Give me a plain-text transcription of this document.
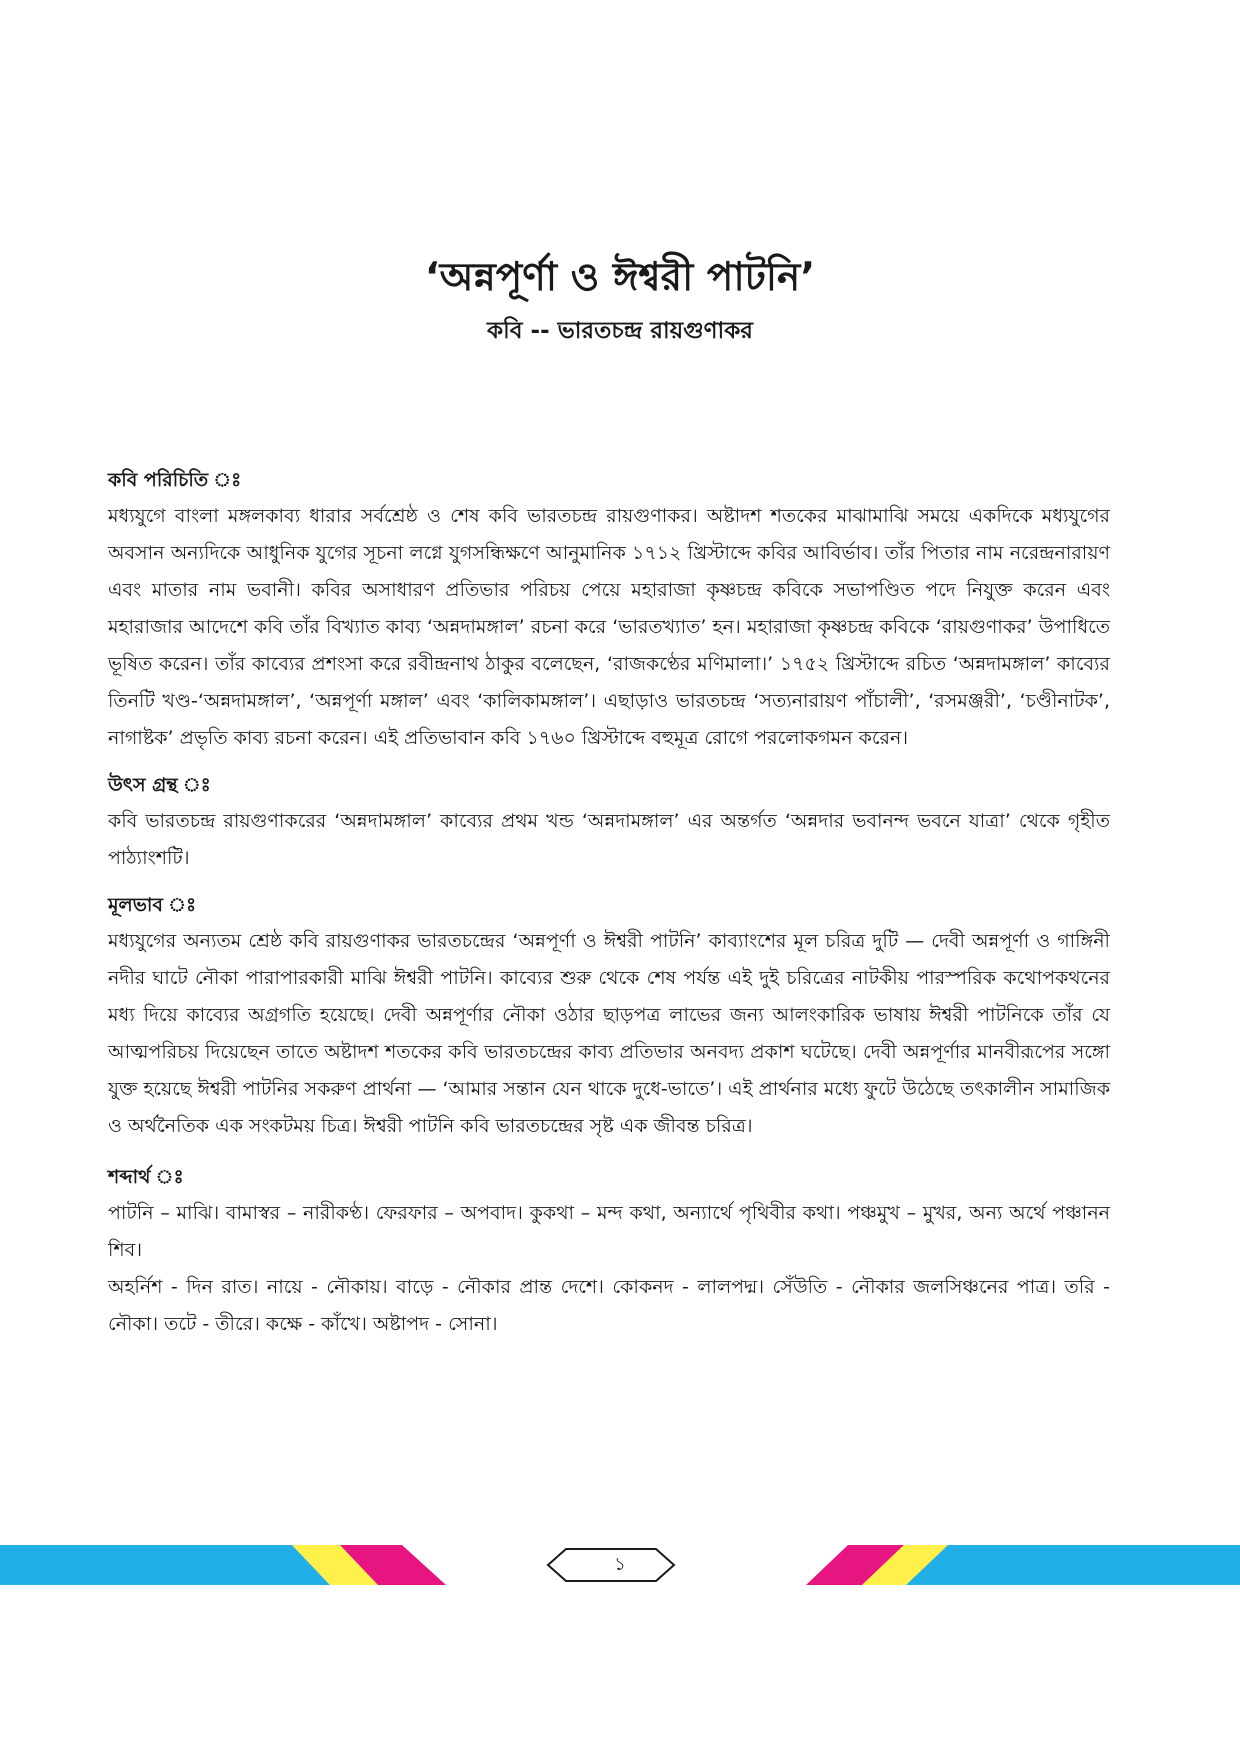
‘অন্নপূর্ণা ও ঈশ্বরী পাটনি’
কবি -- ভারতচন্দ্র রায়গুণাকর
কবি পরিচিতি ঃ

মধ্যযুগে বাংলা মঙ্গলকাব্য ধারার সর্বশ্রেষ্ঠ ও শেষ কবি ভারতচন্দ্র রায়গুণাকর। অষ্টাদশ শতকের মাঝামাঝি সময়ে একদিকে মধ্যযুগের অবসান অন্যদিকে আধুনিক যুগের সূচনা লগ্নে যুগসন্ধিক্ষণে আনুমানিক ১৭১২ খ্রিস্টাব্দে কবির আবির্ভাব। তাঁর পিতার নাম নরেন্দ্রনারায়ণ এবং মাতার নাম ভবানী। কবির অসাধারণ প্রতিভার পরিচয় পেয়ে মহারাজা কৃষ্ণচন্দ্র কবিকে সভাপণ্ডিত পদে নিযুক্ত করেন এবং মহারাজার আদেশে কবি তাঁর বিখ্যাত কাব্য ‘অন্নদামঙ্গাল’ রচনা করে ‘ভারতখ্যাত’ হন। মহারাজা কৃষ্ণচন্দ্র কবিকে ‘রায়গুণাকর’ উপাধিতে ভূষিত করেন। তাঁর কাব্যের প্রশংসা করে রবীন্দ্রনাথ ঠাকুর বলেছেন, ‘রাজকণ্ঠের মণিমালা।’ ১৭৫২ খ্রিস্টাব্দে রচিত ‘অন্নদামঙ্গাল’ কাব্যের তিনটি খণ্ড-‘অন্নদামঙ্গাল’, ‘অন্নপূর্ণা মঙ্গাল’ এবং ‘কালিকামঙ্গাল’। এছাড়াও ভারতচন্দ্র ‘সত্যনারায়ণ পাঁচালী’, ‘রসমঞ্জরী’, ‘চণ্ডীনাটক’, নাগাষ্টক’ প্রভৃতি কাব্য রচনা করেন। এই প্রতিভাবান কবি ১৭৬০ খ্রিস্টাব্দে বহুমূত্র রোগে পরলোকগমন করেন।

উৎস গ্রন্থ ঃ

কবি ভারতচন্দ্র রায়গুণাকরের ‘অন্নদামঙ্গাল’ কাব্যের প্রথম খন্ড ‘অন্নদামঙ্গাল’ এর অন্তর্গত ‘অন্নদার ভবানন্দ ভবনে যাত্রা’ থেকে গৃহীত পাঠ্যাংশটি।

মূলভাব ঃ

মধ্যযুগের অন্যতম শ্রেষ্ঠ কবি রায়গুণাকর ভারতচন্দ্রের ‘অন্নপূর্ণা ও ঈশ্বরী পাটনি’ কাব্যাংশের মূল চরিত্র দুটি — দেবী অন্নপূর্ণা ও গাঙ্গিনী নদীর ঘাটে নৌকা পারাপারকারী মাঝি ঈশ্বরী পাটনি। কাব্যের শুরু থেকে শেষ পর্যন্ত এই দুই চরিত্রের নাটকীয় পারস্পরিক কথোপকথনের মধ্য দিয়ে কাব্যের অগ্রগতি হয়েছে। দেবী অন্নপূর্ণার নৌকা ওঠার ছাড়পত্র লাভের জন্য আলংকারিক ভাষায় ঈশ্বরী পাটনিকে তাঁর যে আত্মপরিচয় দিয়েছেন তাতে অষ্টাদশ শতকের কবি ভারতচন্দ্রের কাব্য প্রতিভার অনবদ্য প্রকাশ ঘটেছে। দেবী অন্নপূর্ণার মানবীরূপের সঙ্গো যুক্ত হয়েছে ঈশ্বরী পাটনির সকরুণ প্রার্থনা — ‘আমার সন্তান যেন থাকে দুধে-ভাতে’। এই প্রার্থনার মধ্যে ফুটে উঠেছে তৎকালীন সামাজিক ও অর্থনৈতিক এক সংকটময় চিত্র। ঈশ্বরী পাটনি কবি ভারতচন্দ্রের সৃষ্ট এক জীবন্ত চরিত্র।

শব্দার্থ ঃ

পাটনি – মাঝি। বামাস্বর – নারীকণ্ঠ। ফেরফার – অপবাদ। কুকথা – মন্দ কথা, অন্যার্থে পৃথিবীর কথা। পঞ্চমুখ – মুখর, অন্য অর্থে পঞ্চানন শিব।

অহর্নিশ - দিন রাত। নায়ে - নৌকায়। বাড়ে - নৌকার প্রান্ত দেশে। কোকনদ - লালপদ্ম। সেঁউতি - নৌকার জলসিঞ্চনের পাত্র। তরি - নৌকা। তটে - তীরে। কক্ষে - কাঁখে। অষ্টাপদ - সোনা।

১
